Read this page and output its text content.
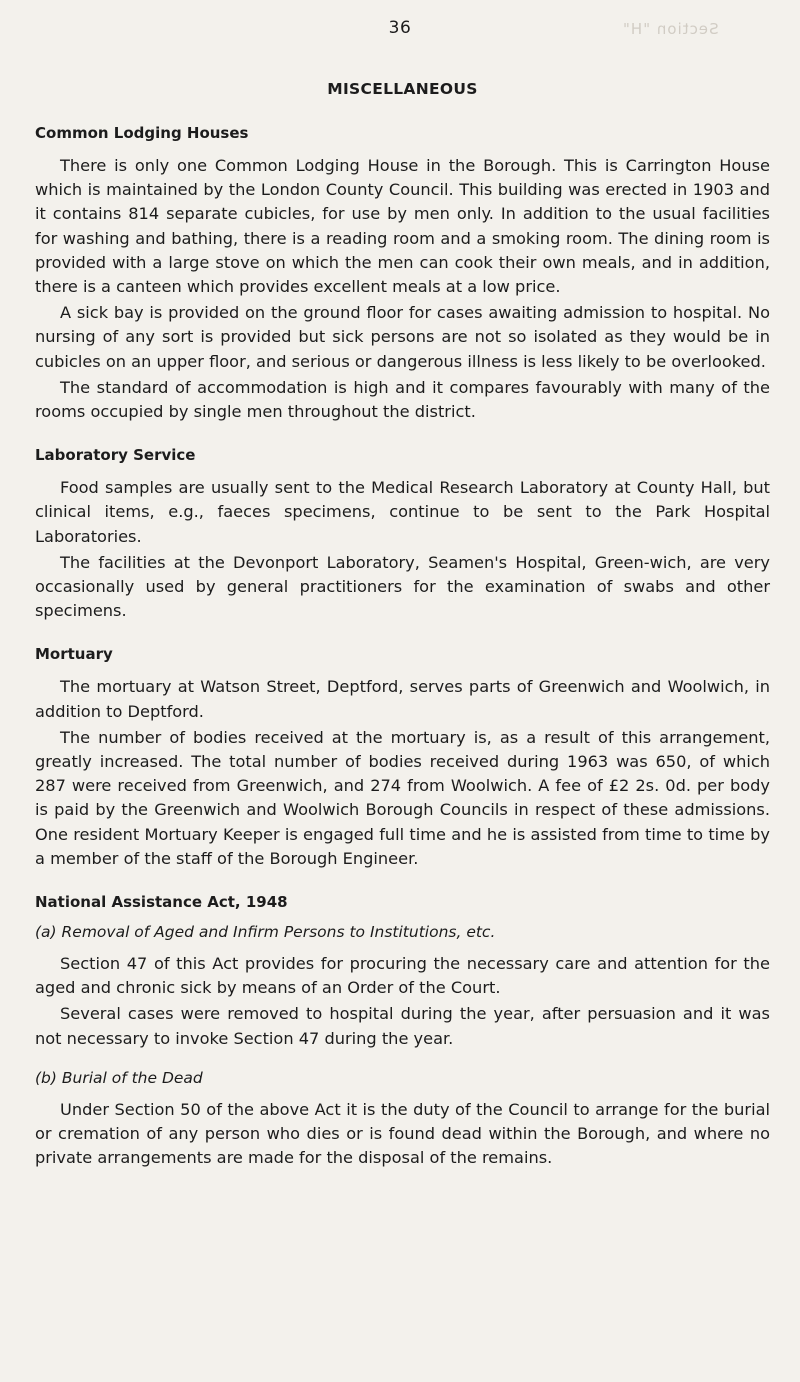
36	Section "H"
MISCELLANEOUS
Common Lodging Houses

There is only one Common Lodging House in the Borough. This is Carrington House which is maintained by the London County Council. This building was erected in 1903 and it contains 814 separate cubicles, for use by men only. In addition to the usual facilities for washing and bathing, there is a reading room and a smoking room. The dining room is provided with a large stove on which the men can cook their own meals, and in addition, there is a canteen which provides excellent meals at a low price.

A sick bay is provided on the ground floor for cases awaiting admission to hospital. No nursing of any sort is provided but sick persons are not so isolated as they would be in cubicles on an upper floor, and serious or dangerous illness is less likely to be overlooked.

The standard of accommodation is high and it compares favourably with many of the rooms occupied by single men throughout the district.

Laboratory Service

Food samples are usually sent to the Medical Research Laboratory at County Hall, but clinical items, e.g., faeces specimens, continue to be sent to the Park Hospital Laboratories.

The facilities at the Devonport Laboratory, Seamen's Hospital, Green-wich, are very occasionally used by general practitioners for the examination of swabs and other specimens.

Mortuary

The mortuary at Watson Street, Deptford, serves parts of Greenwich and Woolwich, in addition to Deptford.

The number of bodies received at the mortuary is, as a result of this arrangement, greatly increased. The total number of bodies received during 1963 was 650, of which 287 were received from Greenwich, and 274 from Woolwich. A fee of £2 2s. 0d. per body is paid by the Greenwich and Woolwich Borough Councils in respect of these admissions. One resident Mortuary Keeper is engaged full time and he is assisted from time to time by a member of the staff of the Borough Engineer.

National Assistance Act, 1948
(a) Removal of Aged and Infirm Persons to Institutions, etc.

Section 47 of this Act provides for procuring the necessary care and attention for the aged and chronic sick by means of an Order of the Court.

Several cases were removed to hospital during the year, after persuasion and it was not necessary to invoke Section 47 during the year.

(b) Burial of the Dead

Under Section 50 of the above Act it is the duty of the Council to arrange for the burial or cremation of any person who dies or is found dead within the Borough, and where no private arrangements are made for the disposal of the remains.
